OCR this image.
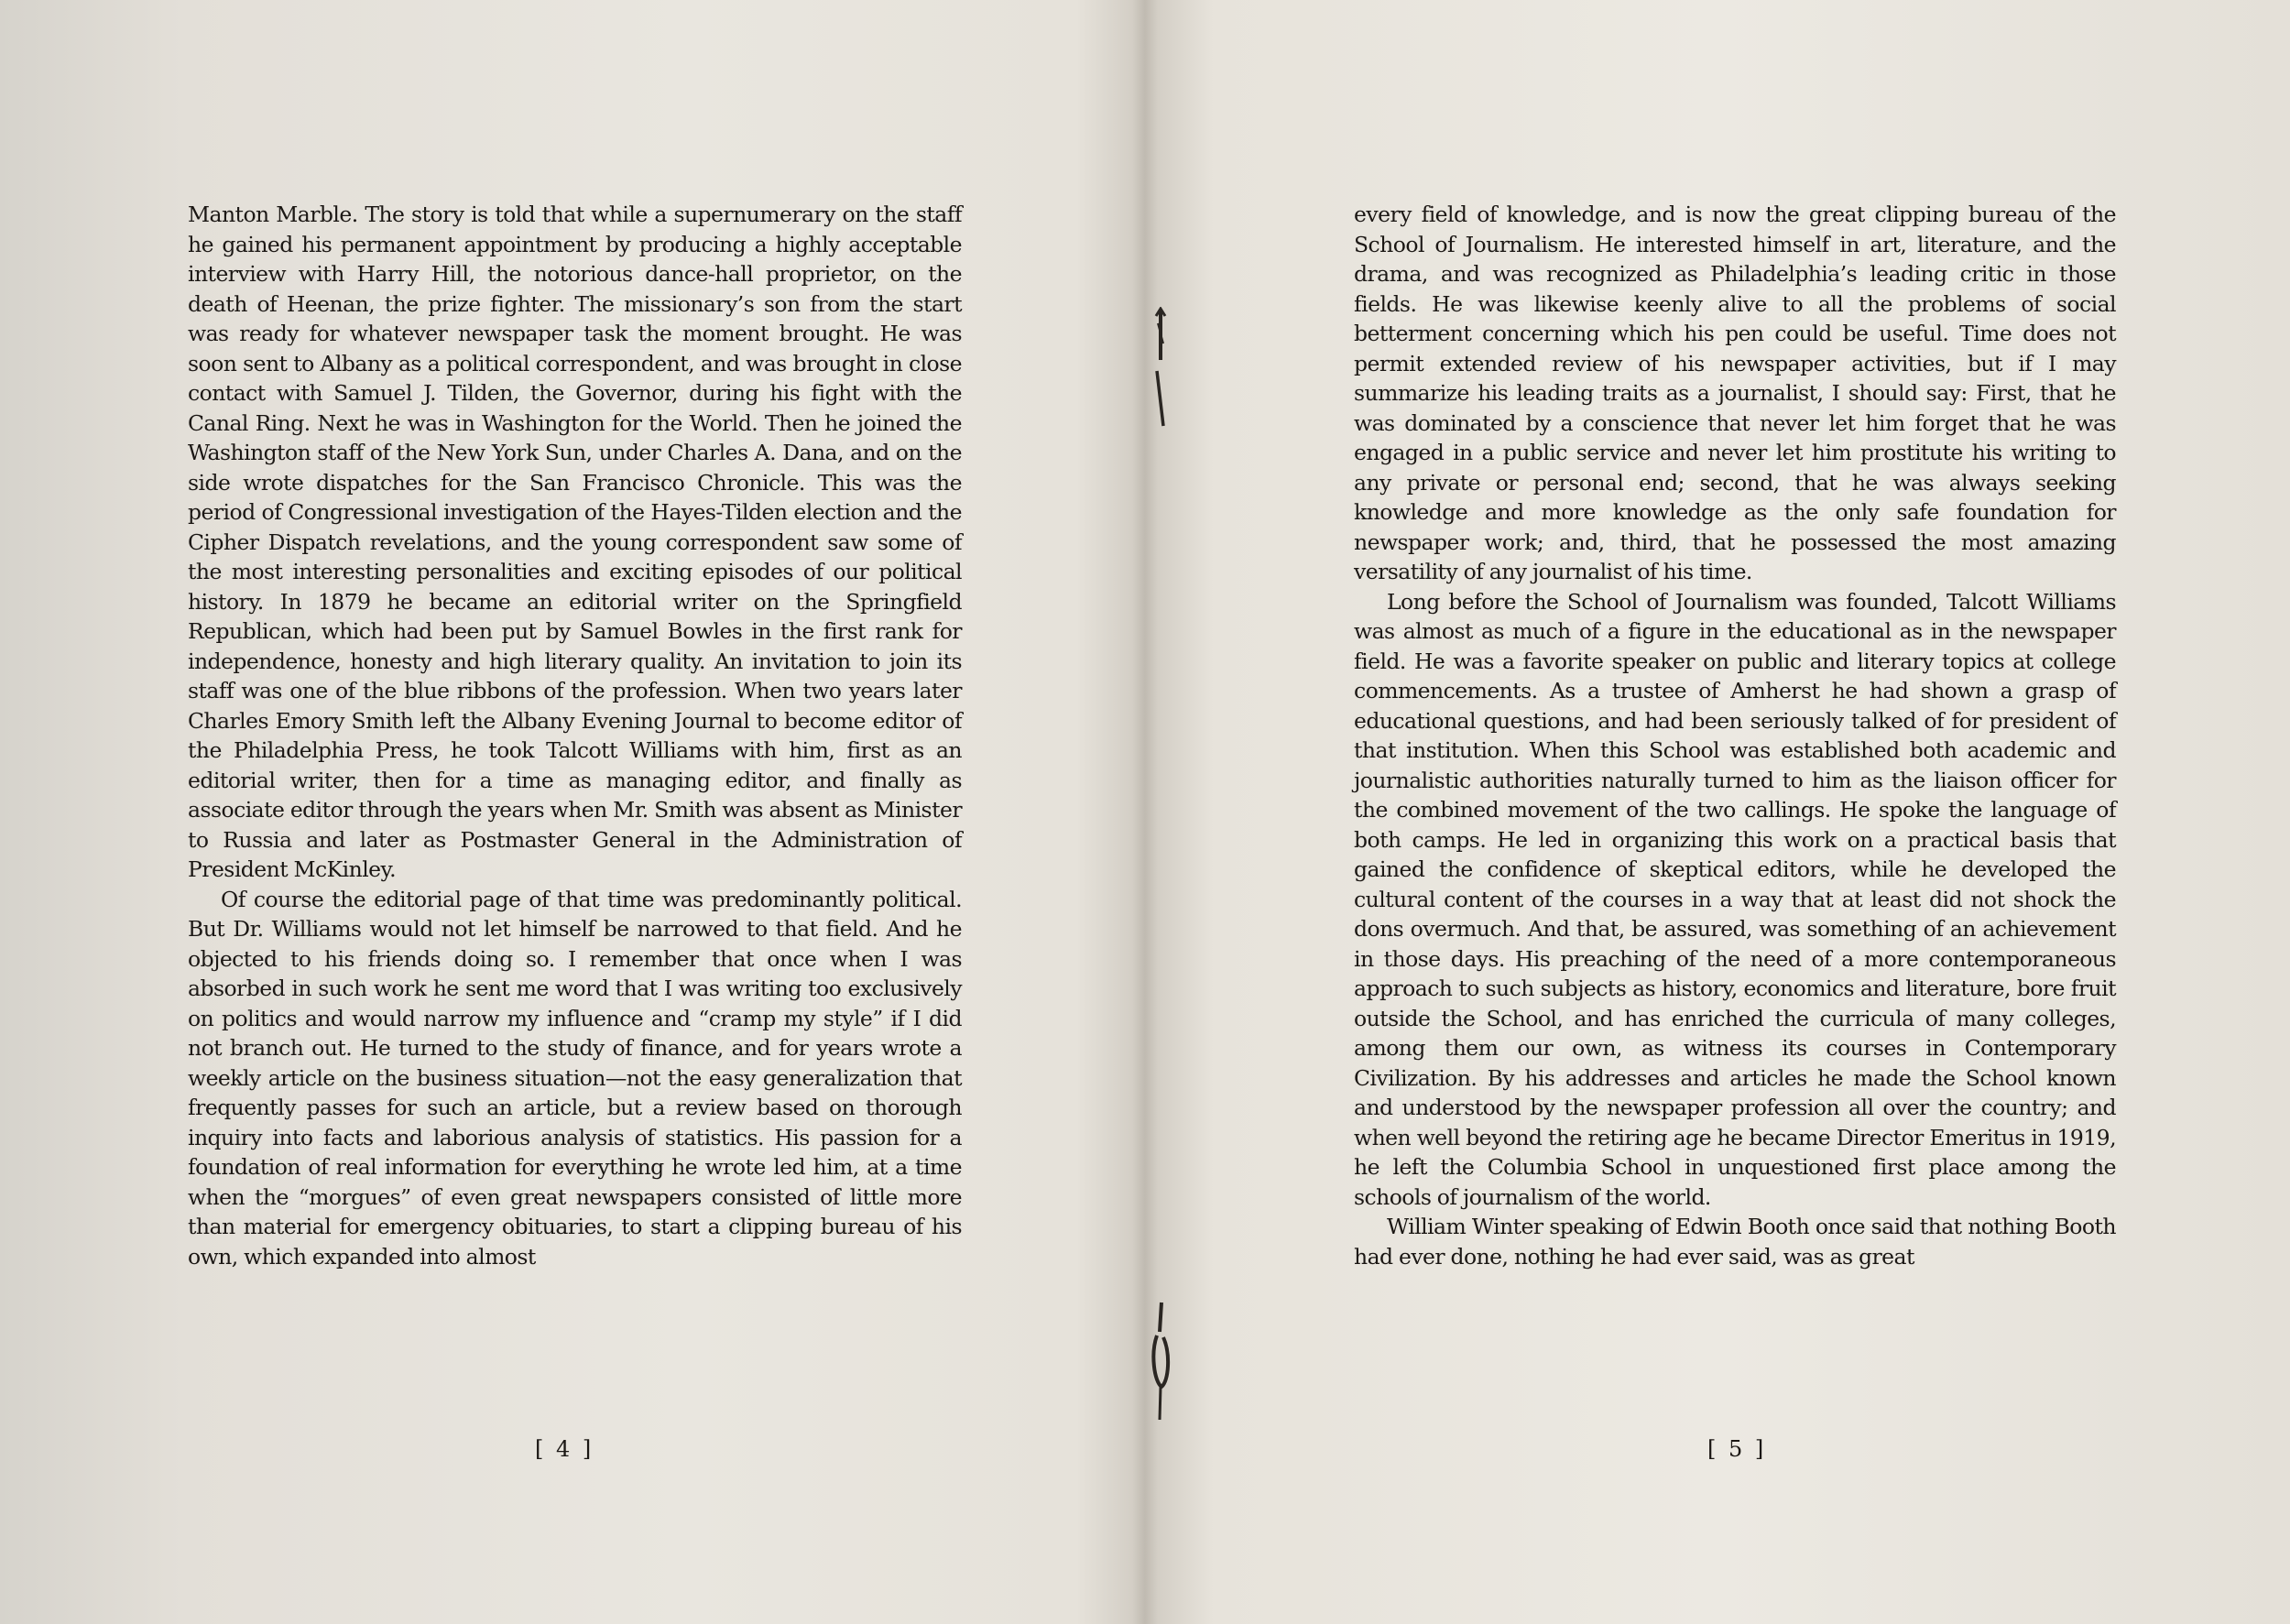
Manton Marble. The story is told that while a supernumerary on the staff he gained his permanent appointment by producing a highly acceptable interview with Harry Hill, the notorious dance-hall proprietor, on the death of Heenan, the prize fighter. The missionary’s son from the start was ready for whatever newspaper task the moment brought. He was soon sent to Albany as a political correspondent, and was brought in close contact with Samuel J. Tilden, the Governor, during his fight with the Canal Ring. Next he was in Washington for the World. Then he joined the Washington staff of the New York Sun, under Charles A. Dana, and on the side wrote dispatches for the San Francisco Chronicle. This was the period of Congressional investigation of the Hayes-Tilden election and the Cipher Dispatch revelations, and the young correspondent saw some of the most interesting personalities and exciting episodes of our political history. In 1879 he became an editorial writer on the Springfield Republican, which had been put by Samuel Bowles in the first rank for independence, honesty and high literary quality. An invitation to join its staff was one of the blue ribbons of the profession. When two years later Charles Emory Smith left the Albany Evening Journal to become editor of the Philadelphia Press, he took Talcott Williams with him, first as an editorial writer, then for a time as managing editor, and finally as associate editor through the years when Mr. Smith was absent as Minister to Russia and later as Postmaster General in the Administration of President McKinley.

Of course the editorial page of that time was predominantly political. But Dr. Williams would not let himself be narrowed to that field. And he objected to his friends doing so. I remember that once when I was absorbed in such work he sent me word that I was writing too exclusively on politics and would narrow my influence and “cramp my style” if I did not branch out. He turned to the study of finance, and for years wrote a weekly article on the business situation—not the easy generalization that frequently passes for such an article, but a review based on thorough inquiry into facts and laborious analysis of statistics. His passion for a foundation of real information for everything he wrote led him, at a time when the “morgues” of even great newspapers consisted of little more than material for emergency obituaries, to start a clipping bureau of his own, which expanded into almost

every field of knowledge, and is now the great clipping bureau of the School of Journalism. He interested himself in art, literature, and the drama, and was recognized as Philadelphia’s leading critic in those fields. He was likewise keenly alive to all the problems of social betterment concerning which his pen could be useful. Time does not permit extended review of his newspaper activities, but if I may summarize his leading traits as a journalist, I should say: First, that he was dominated by a conscience that never let him forget that he was engaged in a public service and never let him prostitute his writing to any private or personal end; second, that he was always seeking knowledge and more knowledge as the only safe foundation for newspaper work; and, third, that he possessed the most amazing versatility of any journalist of his time.

Long before the School of Journalism was founded, Talcott Williams was almost as much of a figure in the educational as in the newspaper field. He was a favorite speaker on public and literary topics at college commencements. As a trustee of Amherst he had shown a grasp of educational questions, and had been seriously talked of for president of that institution. When this School was established both academic and journalistic authorities naturally turned to him as the liaison officer for the combined movement of the two callings. He spoke the language of both camps. He led in organizing this work on a practical basis that gained the confidence of skeptical editors, while he developed the cultural content of the courses in a way that at least did not shock the dons overmuch. And that, be assured, was something of an achievement in those days. His preaching of the need of a more contemporaneous approach to such subjects as history, economics and literature, bore fruit outside the School, and has enriched the curricula of many colleges, among them our own, as witness its courses in Contemporary Civilization. By his addresses and articles he made the School known and understood by the newspaper profession all over the country; and when well beyond the retiring age he became Director Emeritus in 1919, he left the Columbia School in unquestioned first place among the schools of journalism of the world.

William Winter speaking of Edwin Booth once said that nothing Booth had ever done, nothing he had ever said, was as great

[ 4 ]	[ 5 ]
